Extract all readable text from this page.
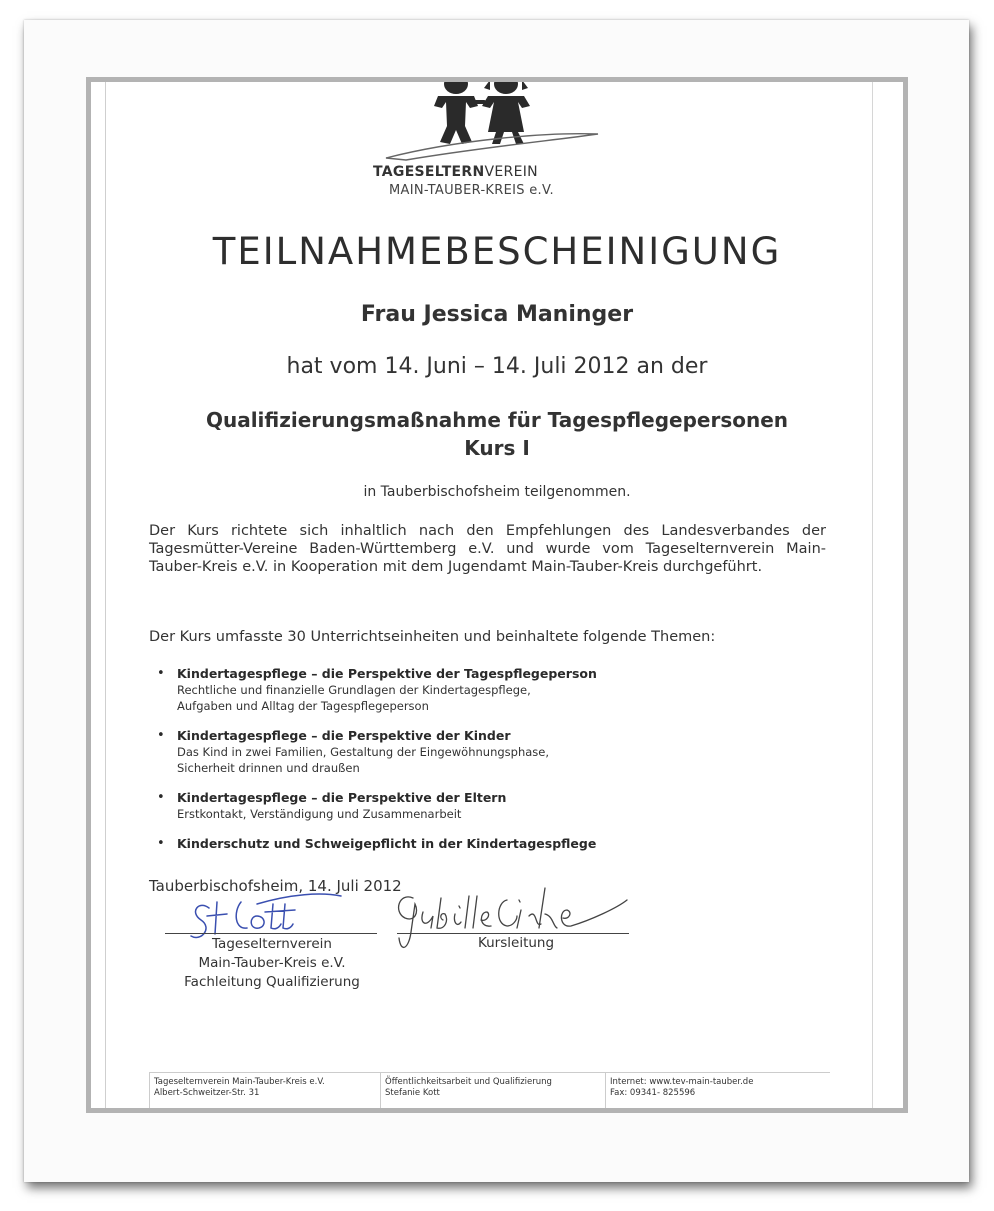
TAGESELTERNVEREIN
MAIN-TAUBER-KREIS e.V.
TEILNAHMEBESCHEINIGUNG
Frau Jessica Maninger
hat vom 14. Juni – 14. Juli 2012 an der
Qualifizierungsmaßnahme für Tagespflegepersonen
Kurs I
in Tauberbischofsheim teilgenommen.
Der Kurs richtete sich inhaltlich nach den Empfehlungen des Landesverbandes der Tagesmütter-Vereine Baden-Württemberg e.V. und wurde vom Tageselternverein Main-Tauber-Kreis e.V. in Kooperation mit dem Jugendamt Main-Tauber-Kreis durchgeführt.
Der Kurs umfasste 30 Unterrichtseinheiten und beinhaltete folgende Themen:
• Kindertagespflege – die Perspektive der Tagespflegeperson
Rechtliche und finanzielle Grundlagen der Kindertagespflege,
Aufgaben und Alltag der Tagespflegeperson
• Kindertagespflege – die Perspektive der Kinder
Das Kind in zwei Familien, Gestaltung der Eingewöhnungsphase,
Sicherheit drinnen und draußen
• Kindertagespflege – die Perspektive der Eltern
Erstkontakt, Verständigung und Zusammenarbeit
• Kinderschutz und Schweigepflicht in der Kindertagespflege
Tauberbischofsheim, 14. Juli 2012
Tageselternverein
Main-Tauber-Kreis e.V.
Fachleitung Qualifizierung
Kursleitung
Tageselternverein Main-Tauber-Kreis e.V.
Albert-Schweitzer-Str. 31
Öffentlichkeitsarbeit und Qualifizierung
Stefanie Kott
Internet: www.tev-main-tauber.de
Fax: 09341- 825596
